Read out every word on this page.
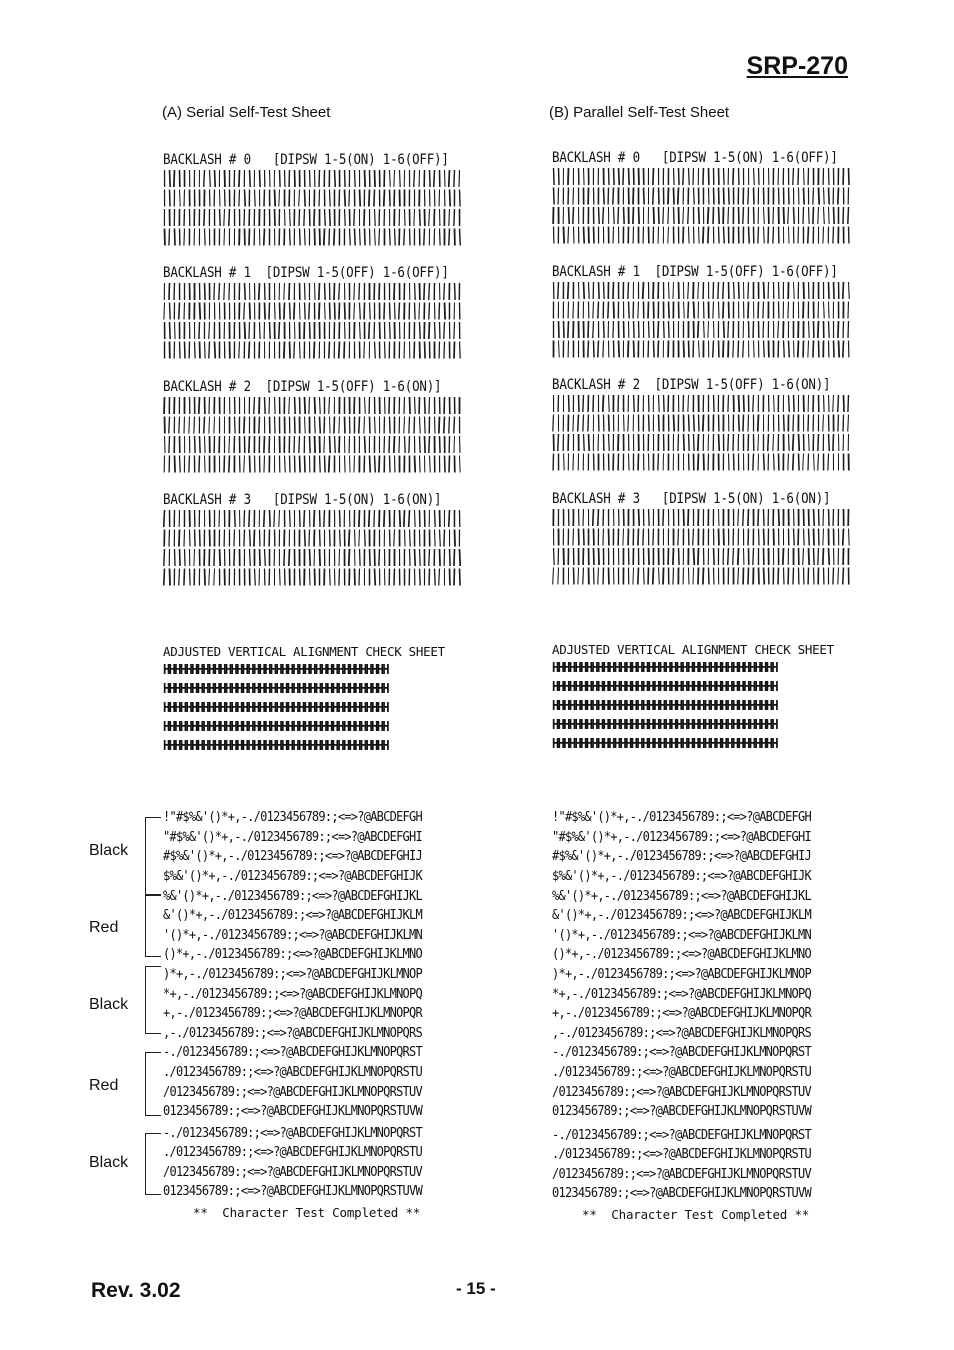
SRP-270
(A) Serial Self-Test Sheet	(B) Parallel Self-Test Sheet
BACKLASH # 0   [DIPSW 1-5(ON) 1-6(OFF)]
BACKLASH # 1  [DIPSW 1-5(OFF) 1-6(OFF)]
BACKLASH # 2  [DIPSW 1-5(OFF) 1-6(ON)]
BACKLASH # 3   [DIPSW 1-5(ON) 1-6(ON)]
ADJUSTED VERTICAL ALIGNMENT CHECK SHEET
HHHHHHHHHHHHHHHHHHHHHHHHHHHHHHHHHHHHHHHH
HHHHHHHHHHHHHHHHHHHHHHHHHHHHHHHHHHHHHHHH
HHHHHHHHHHHHHHHHHHHHHHHHHHHHHHHHHHHHHHHH
HHHHHHHHHHHHHHHHHHHHHHHHHHHHHHHHHHHHHHHH
HHHHHHHHHHHHHHHHHHHHHHHHHHHHHHHHHHHHHHHH
!"#$%&'()*+,-./0123456789:;<=>?@ABCDEFGH
"#$%&'()*+,-./0123456789:;<=>?@ABCDEFGHI
#$%&'()*+,-./0123456789:;<=>?@ABCDEFGHIJ
$%&'()*+,-./0123456789:;<=>?@ABCDEFGHIJK
%&'()*+,-./0123456789:;<=>?@ABCDEFGHIJKL
&'()*+,-./0123456789:;<=>?@ABCDEFGHIJKLM
'()*+,-./0123456789:;<=>?@ABCDEFGHIJKLMN
()*+,-./0123456789:;<=>?@ABCDEFGHIJKLMNO
)*+,-./0123456789:;<=>?@ABCDEFGHIJKLMNOP
*+,-./0123456789:;<=>?@ABCDEFGHIJKLMNOPQ
+,-./0123456789:;<=>?@ABCDEFGHIJKLMNOPQR
,-./0123456789:;<=>?@ABCDEFGHIJKLMNOPQRS
-./0123456789:;<=>?@ABCDEFGHIJKLMNOPQRST
./0123456789:;<=>?@ABCDEFGHIJKLMNOPQRSTU
/0123456789:;<=>?@ABCDEFGHIJKLMNOPQRSTUV
0123456789:;<=>?@ABCDEFGHIJKLMNOPQRSTUVW
-./0123456789:;<=>?@ABCDEFGHIJKLMNOPQRST
./0123456789:;<=>?@ABCDEFGHIJKLMNOPQRSTU
/0123456789:;<=>?@ABCDEFGHIJKLMNOPQRSTUV
0123456789:;<=>?@ABCDEFGHIJKLMNOPQRSTUVW
**  Character Test Completed **
BACKLASH # 0   [DIPSW 1-5(ON) 1-6(OFF)]
BACKLASH # 1  [DIPSW 1-5(OFF) 1-6(OFF)]
BACKLASH # 2  [DIPSW 1-5(OFF) 1-6(ON)]
BACKLASH # 3   [DIPSW 1-5(ON) 1-6(ON)]
ADJUSTED VERTICAL ALIGNMENT CHECK SHEET
HHHHHHHHHHHHHHHHHHHHHHHHHHHHHHHHHHHHHHHH
HHHHHHHHHHHHHHHHHHHHHHHHHHHHHHHHHHHHHHHH
HHHHHHHHHHHHHHHHHHHHHHHHHHHHHHHHHHHHHHHH
HHHHHHHHHHHHHHHHHHHHHHHHHHHHHHHHHHHHHHHH
HHHHHHHHHHHHHHHHHHHHHHHHHHHHHHHHHHHHHHHH
!"#$%&'()*+,-./0123456789:;<=>?@ABCDEFGH
"#$%&'()*+,-./0123456789:;<=>?@ABCDEFGHI
#$%&'()*+,-./0123456789:;<=>?@ABCDEFGHIJ
$%&'()*+,-./0123456789:;<=>?@ABCDEFGHIJK
%&'()*+,-./0123456789:;<=>?@ABCDEFGHIJKL
&'()*+,-./0123456789:;<=>?@ABCDEFGHIJKLM
'()*+,-./0123456789:;<=>?@ABCDEFGHIJKLMN
()*+,-./0123456789:;<=>?@ABCDEFGHIJKLMNO
)*+,-./0123456789:;<=>?@ABCDEFGHIJKLMNOP
*+,-./0123456789:;<=>?@ABCDEFGHIJKLMNOPQ
+,-./0123456789:;<=>?@ABCDEFGHIJKLMNOPQR
,-./0123456789:;<=>?@ABCDEFGHIJKLMNOPQRS
-./0123456789:;<=>?@ABCDEFGHIJKLMNOPQRST
./0123456789:;<=>?@ABCDEFGHIJKLMNOPQRSTU
/0123456789:;<=>?@ABCDEFGHIJKLMNOPQRSTUV
0123456789:;<=>?@ABCDEFGHIJKLMNOPQRSTUVW
-./0123456789:;<=>?@ABCDEFGHIJKLMNOPQRST
./0123456789:;<=>?@ABCDEFGHIJKLMNOPQRSTU
/0123456789:;<=>?@ABCDEFGHIJKLMNOPQRSTUV
0123456789:;<=>?@ABCDEFGHIJKLMNOPQRSTUVW
**  Character Test Completed **
Black
Red
Black
Red
Black
Rev. 3.02	- 15 -
